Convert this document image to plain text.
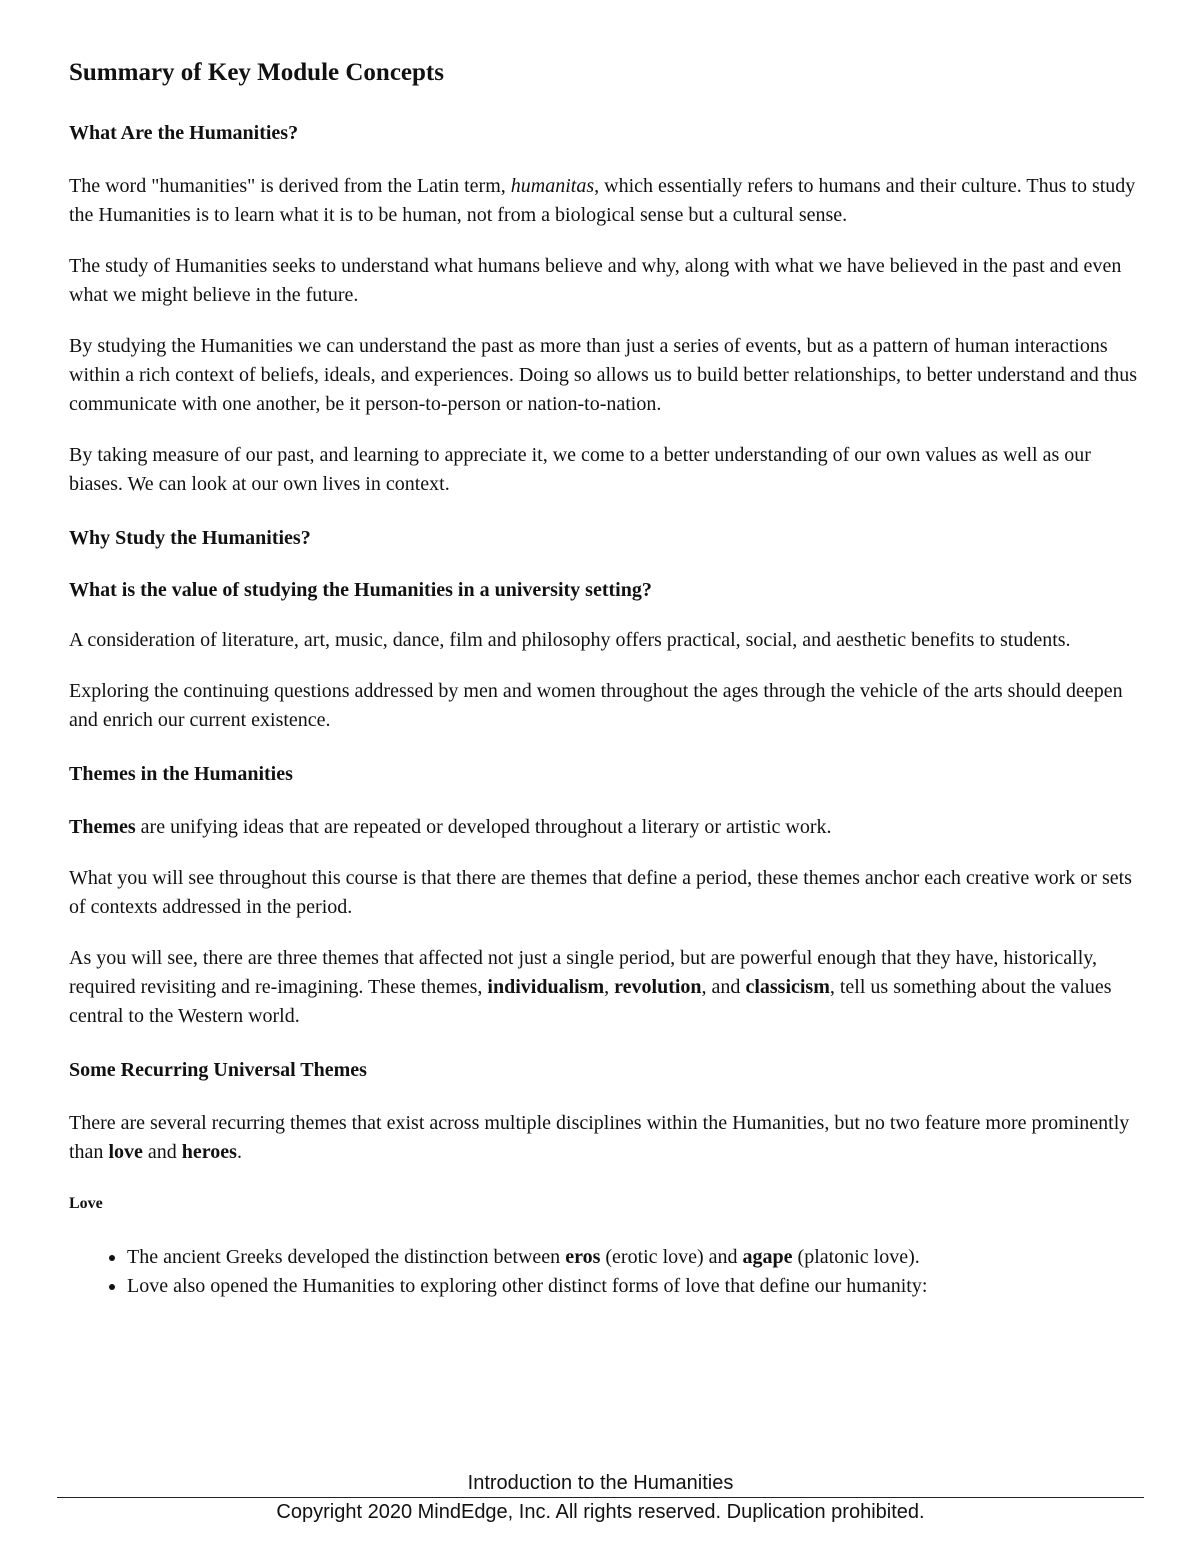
Summary of Key Module Concepts
What Are the Humanities?

The word "humanities" is derived from the Latin term, humanitas, which essentially refers to humans and their culture. Thus to study the Humanities is to learn what it is to be human, not from a biological sense but a cultural sense.

The study of Humanities seeks to understand what humans believe and why, along with what we have believed in the past and even what we might believe in the future.

By studying the Humanities we can understand the past as more than just a series of events, but as a pattern of human interactions within a rich context of beliefs, ideals, and experiences. Doing so allows us to build better relationships, to better understand and thus communicate with one another, be it person-to-person or nation-to-nation.

By taking measure of our past, and learning to appreciate it, we come to a better understanding of our own values as well as our biases. We can look at our own lives in context.

Why Study the Humanities?
What is the value of studying the Humanities in a university setting?

A consideration of literature, art, music, dance, film and philosophy offers practical, social, and aesthetic benefits to students.

Exploring the continuing questions addressed by men and women throughout the ages through the vehicle of the arts should deepen and enrich our current existence.

Themes in the Humanities

Themes are unifying ideas that are repeated or developed throughout a literary or artistic work.

What you will see throughout this course is that there are themes that define a period, these themes anchor each creative work or sets of contexts addressed in the period.

As you will see, there are three themes that affected not just a single period, but are powerful enough that they have, historically, required revisiting and re-imagining. These themes, individualism, revolution, and classicism, tell us something about the values central to the Western world.

Some Recurring Universal Themes

There are several recurring themes that exist across multiple disciplines within the Humanities, but no two feature more prominently than love and heroes.

Love
• The ancient Greeks developed the distinction between eros (erotic love) and agape (platonic love).
• Love also opened the Humanities to exploring other distinct forms of love that define our humanity:
Introduction to the Humanities
Copyright 2020 MindEdge, Inc. All rights reserved. Duplication prohibited.
